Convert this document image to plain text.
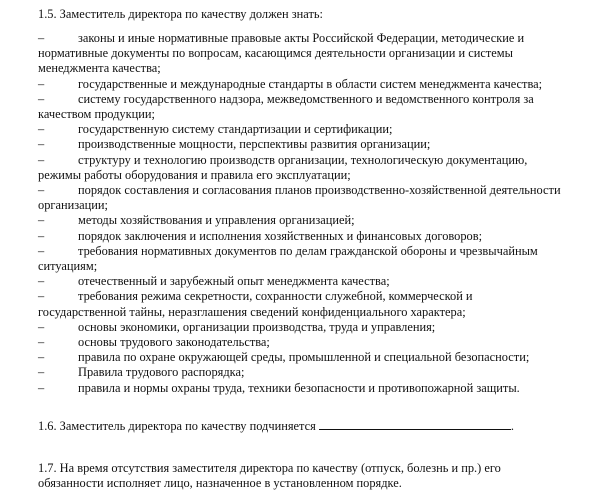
1.5. Заместитель директора по качеству должен знать:
–	законы и иные нормативные правовые акты Российской Федерации, методические и
нормативные документы по вопросам, касающимся деятельности организации и системы
менеджмента качества;
–	государственные и международные стандарты в области систем менеджмента качества;
–	систему государственного надзора, межведомственного и ведомственного контроля за
качеством продукции;
–	государственную систему стандартизации и сертификации;
–	производственные мощности, перспективы развития организации;
–	структуру и технологию производств организации, технологическую документацию,
режимы работы оборудования и правила его эксплуатации;
–	порядок составления и согласования планов производственно-хозяйственной деятельности
организации;
–	методы хозяйствования и управления организацией;
–	порядок заключения и исполнения хозяйственных и финансовых договоров;
–	требования нормативных документов по делам гражданской обороны и чрезвычайным
ситуациям;
–	отечественный и зарубежный опыт менеджмента качества;
–	требования режима секретности, сохранности служебной, коммерческой и
государственной тайны, неразглашения сведений конфиденциального характера;
–	основы экономики, организации производства, труда и управления;
–	основы трудового законодательства;
–	правила по охране окружающей среды, промышленной и специальной безопасности;
–	Правила трудового распорядка;
–	правила и нормы охраны труда, техники безопасности и противопожарной защиты.
1.6. Заместитель директора по качеству подчиняется	.
1.7. На время отсутствия заместителя директора по качеству (отпуск, болезнь и пр.) его
обязанности исполняет лицо, назначенное в установленном порядке.
